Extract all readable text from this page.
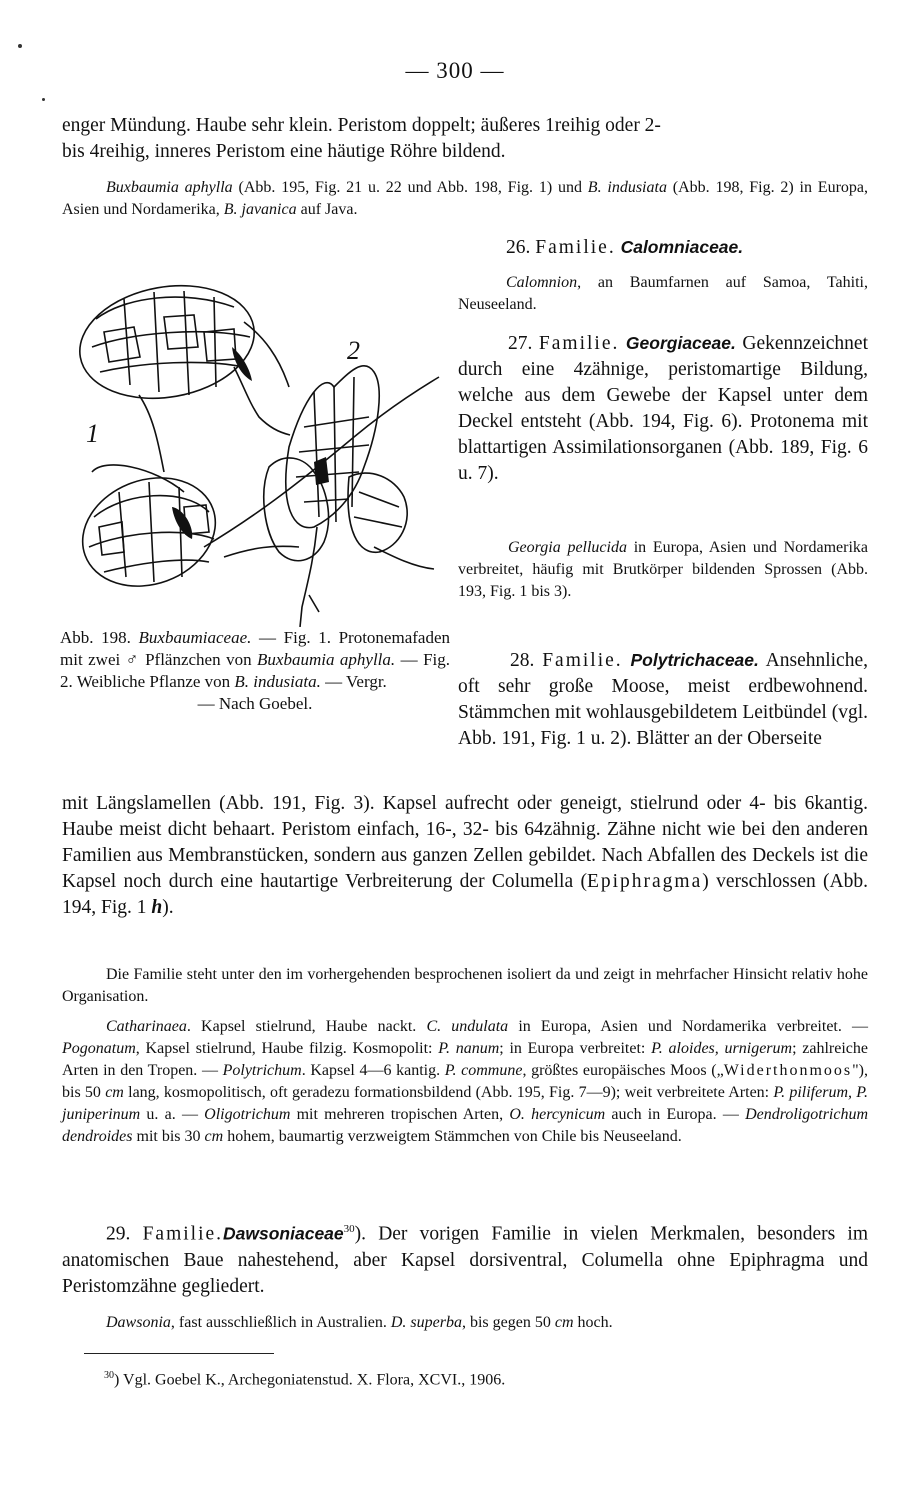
— 300 —
enger Mündung. Haube sehr klein. Peristom doppelt; äußeres 1reihig oder 2-
bis 4reihig, inneres Peristom eine häutige Röhre bildend.
Buxbaumia aphylla (Abb. 195, Fig. 21 u. 22 und Abb. 198, Fig. 1) und B. indusiata (Abb. 198, Fig. 2) in Europa, Asien und Nordamerika, B. javanica auf Java.
26. Familie. Calomniaceae.
Calomnion, an Baumfarnen auf Samoa, Tahiti, Neuseeland.
27. Familie. Georgiaceae. Gekennzeichnet durch eine 4zähnige, peristomartige Bildung, welche aus dem Gewebe der Kapsel unter dem Deckel entsteht (Abb. 194, Fig. 6). Protonema mit blattartigen Assimilationsorganen (Abb. 189, Fig. 6 u. 7).
Georgia pellucida in Europa, Asien und Nordamerika verbreitet, häufig mit Brutkörper bildenden Sprossen (Abb. 193, Fig. 1 bis 3).
1
2
Abb. 198. Buxbaumiaceae. — Fig. 1. Protonemafaden mit zwei ♂ Pflänzchen von Buxbaumia aphylla. — Fig. 2. Weibliche Pflanze von B. indusiata. — Vergr.
— Nach Goebel.
28. Familie. Polytrichaceae. Ansehnliche, oft sehr große Moose, meist erdbewohnend. Stämmchen mit wohlausgebildetem Leitbündel (vgl. Abb. 191, Fig. 1 u. 2). Blätter an der Oberseite
mit Längslamellen (Abb. 191, Fig. 3). Kapsel aufrecht oder geneigt, stielrund oder 4- bis 6kantig. Haube meist dicht behaart. Peristom einfach, 16-, 32- bis 64zähnig. Zähne nicht wie bei den anderen Familien aus Membranstücken, sondern aus ganzen Zellen gebildet. Nach Abfallen des Deckels ist die Kapsel noch durch eine hautartige Verbreiterung der Columella (Epiphragma) verschlossen (Abb. 194, Fig. 1 h).
Die Familie steht unter den im vorhergehenden besprochenen isoliert da und zeigt in mehrfacher Hinsicht relativ hohe Organisation.
Catharinaea. Kapsel stielrund, Haube nackt. C. undulata in Europa, Asien und Nordamerika verbreitet. — Pogonatum, Kapsel stielrund, Haube filzig. Kosmopolit: P. nanum; in Europa verbreitet: P. aloides, urnigerum; zahlreiche Arten in den Tropen. — Polytrichum. Kapsel 4—6 kantig. P. commune, größtes europäisches Moos („Widerthonmoos"), bis 50 cm lang, kosmopolitisch, oft geradezu formationsbildend (Abb. 195, Fig. 7—9); weit verbreitete Arten: P. piliferum, P. juniperinum u. a. — Oligotrichum mit mehreren tropischen Arten, O. hercynicum auch in Europa. — Dendroligotrichum dendroides mit bis 30 cm hohem, baumartig verzweigtem Stämmchen von Chile bis Neuseeland.
29. Familie.Dawsoniaceae$^{30}$). Der vorigen Familie in vielen Merkmalen, besonders im anatomischen Baue nahestehend, aber Kapsel dorsiventral, Columella ohne Epiphragma und Peristomzähne gegliedert.
Dawsonia, fast ausschließlich in Australien. D. superba, bis gegen 50 cm hoch.
$^{30}$) Vgl. Goebel K., Archegoniatenstud. X. Flora, XCVI., 1906.
